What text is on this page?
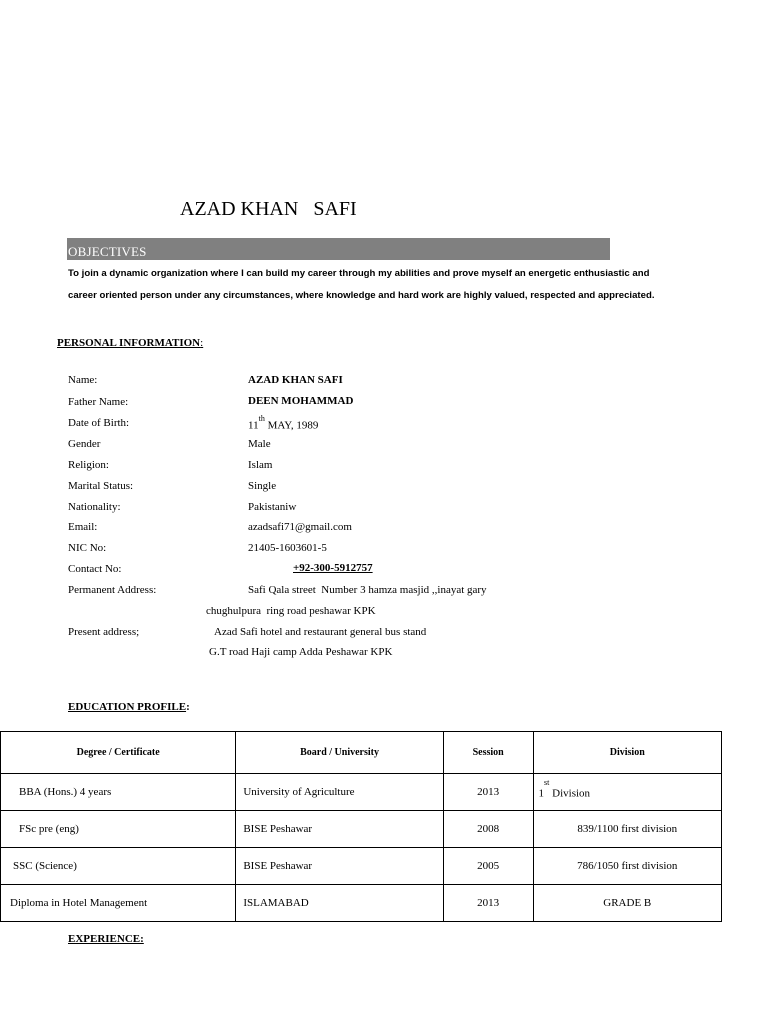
AZAD KHAN   SAFI
OBJECTIVES
To join a dynamic organization where I can build my career through my abilities and prove myself an energetic enthusiastic and
career oriented person under any circumstances, where knowledge and hard work are highly valued, respected and appreciated.
PERSONAL INFORMATION:
Name:	AZAD KHAN SAFI
Father Name:	DEEN MOHAMMAD
Date of Birth:	11th MAY, 1989
Gender	Male
Religion:	Islam
Marital Status:	Single
Nationality:	Pakistaniw
Email:	azadsafi71@gmail.com
NIC No:	21405-1603601-5
Contact No:	+92-300-5912757
Permanent Address:	Safi Qala street  Number 3 hamza masjid ,,inayat gary
chughulpura  ring road peshawar KPK
Present address;	Azad Safi hotel and restaurant general bus stand
G.T road Haji camp Adda Peshawar KPK
EDUCATION PROFILE:
Degree / Certificate	Board / University	Session	Division
BBA (Hons.) 4 years	University of Agriculture	2013	1st Division
FSc pre (eng)	BISE Peshawar	2008	839/1100 first division
SSC (Science)	BISE Peshawar	2005	786/1050 first division
Diploma in Hotel Management	ISLAMABAD	2013	GRADE B
EXPERIENCE:
